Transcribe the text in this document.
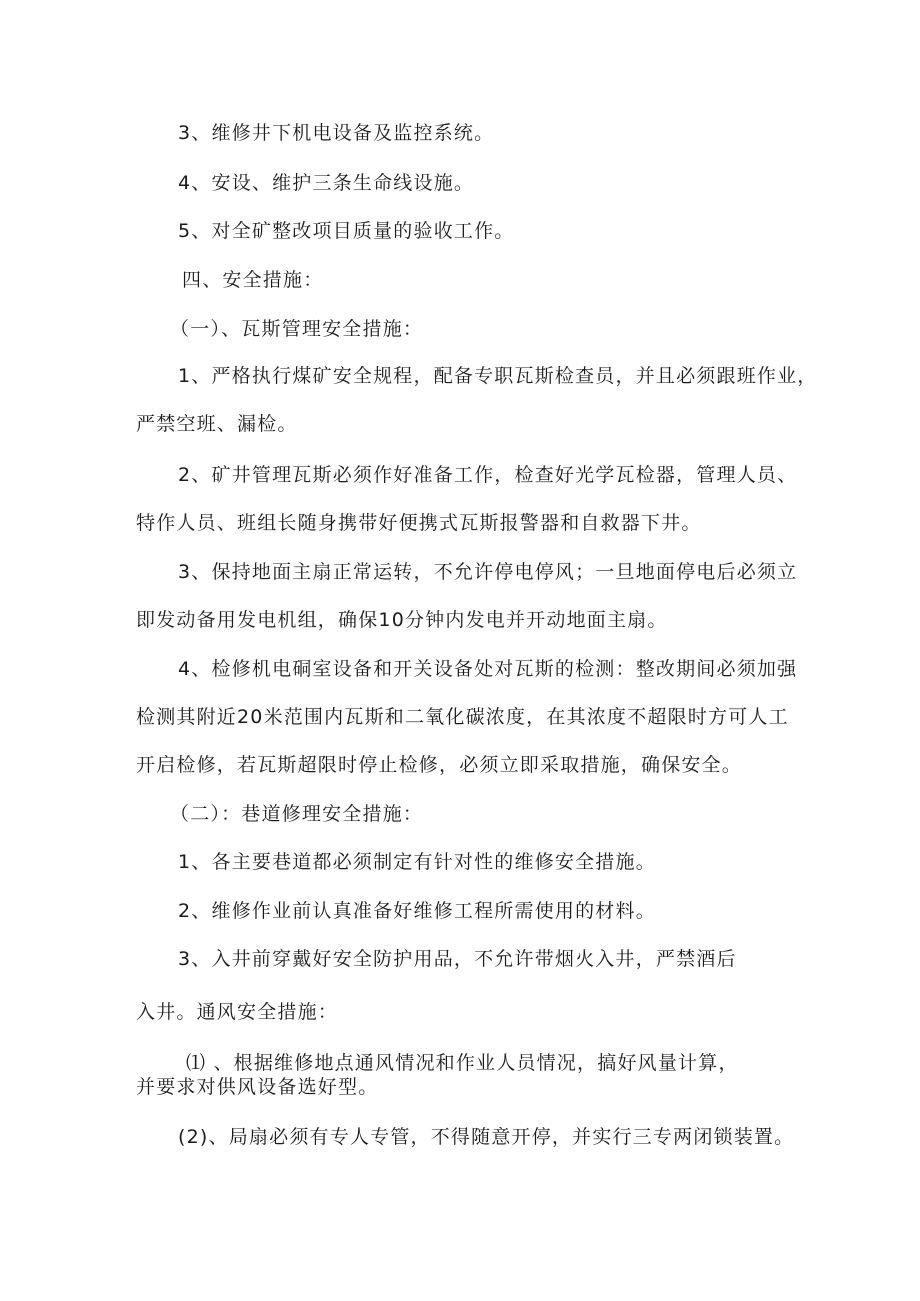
3、维修井下机电设备及监控系统。
4、安设、维护三条生命线设施。
5、对全矿整改项目质量的验收工作。
四、安全措施：
（一）、瓦斯管理安全措施：
1、严格执行煤矿安全规程，配备专职瓦斯检查员，并且必须跟班作业，
严禁空班、漏检。
2、矿井管理瓦斯必须作好准备工作，检查好光学瓦检器，管理人员、
特作人员、班组长随身携带好便携式瓦斯报警器和自救器下井。
3、保持地面主扇正常运转，不允许停电停风；一旦地面停电后必须立
即发动备用发电机组，确保10分钟内发电并开动地面主扇。
4、检修机电硐室设备和开关设备处对瓦斯的检测：整改期间必须加强
检测其附近20米范围内瓦斯和二氧化碳浓度，在其浓度不超限时方可人工
开启检修，若瓦斯超限时停止检修，必须立即采取措施，确保安全。
（二）：巷道修理安全措施：
1、各主要巷道都必须制定有针对性的维修安全措施。
2、维修作业前认真准备好维修工程所需使用的材料。
3、入井前穿戴好安全防护用品，不允许带烟火入井，严禁酒后
入井。通风安全措施：
⑴ 、根据维修地点通风情况和作业人员情况，搞好风量计算，
并要求对供风设备选好型。
(2)、局扇必须有专人专管，不得随意开停，并实行三专两闭锁装置。
